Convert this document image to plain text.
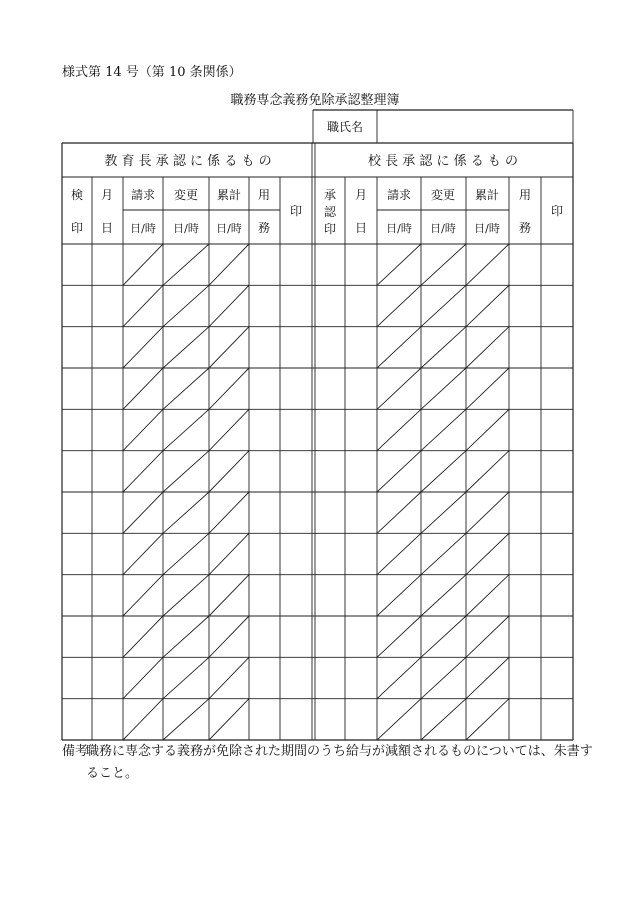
様式第 14 号（第 10 条関係）
職務専念義務免除承認整理簿
職氏名
教 育 長 承 認 に 係 る も の	校 長 承 認 に 係 る も の
検
印
月
日
請求 変更 累計
日/時 日/時 日/時
用
務
印
承
認
印
月
日
請求 変更 累計
日/時 日/時 日/時
用
務
印
備考
職務に専念する義務が免除された期間のうち給与が減額されるものについては、朱書す
ること。
